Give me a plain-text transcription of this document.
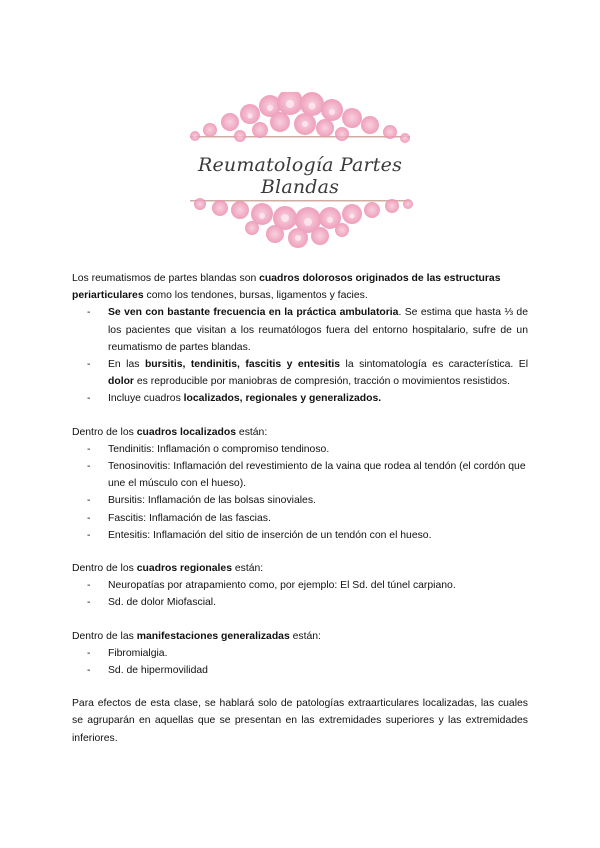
Reumatología Partes Blandas

Los reumatismos de partes blandas son cuadros dolorosos originados de las estructuras periarticulares como los tendones, bursas, ligamentos y facies.

- Se ven con bastante frecuencia en la práctica ambulatoria. Se estima que hasta ⅓ de los pacientes que visitan a los reumatólogos fuera del entorno hospitalario, sufre de un reumatismo de partes blandas.
- En las bursitis, tendinitis, fascitis y entesitis la sintomatología es característica. El dolor es reproducible por maniobras de compresión, tracción o movimientos resistidos.
- Incluye cuadros localizados, regionales y generalizados.

Dentro de los cuadros localizados están:

- Tendinitis: Inflamación o compromiso tendinoso.
- Tenosinovitis: Inflamación del revestimiento de la vaina que rodea al tendón (el cordón que une el músculo con el hueso).
- Bursitis: Inflamación de las bolsas sinoviales.
- Fascitis: Inflamación de las fascias.
- Entesitis: Inflamación del sitio de inserción de un tendón con el hueso.

Dentro de los cuadros regionales están:

- Neuropatías por atrapamiento como, por ejemplo: El Sd. del túnel carpiano.
- Sd. de dolor Miofascial.

Dentro de las manifestaciones generalizadas están:

- Fibromialgia.
- Sd. de hipermovilidad

Para efectos de esta clase, se hablará solo de patologías extraarticulares localizadas, las cuales se agruparán en aquellas que se presentan en las extremidades superiores y las extremidades inferiores.
